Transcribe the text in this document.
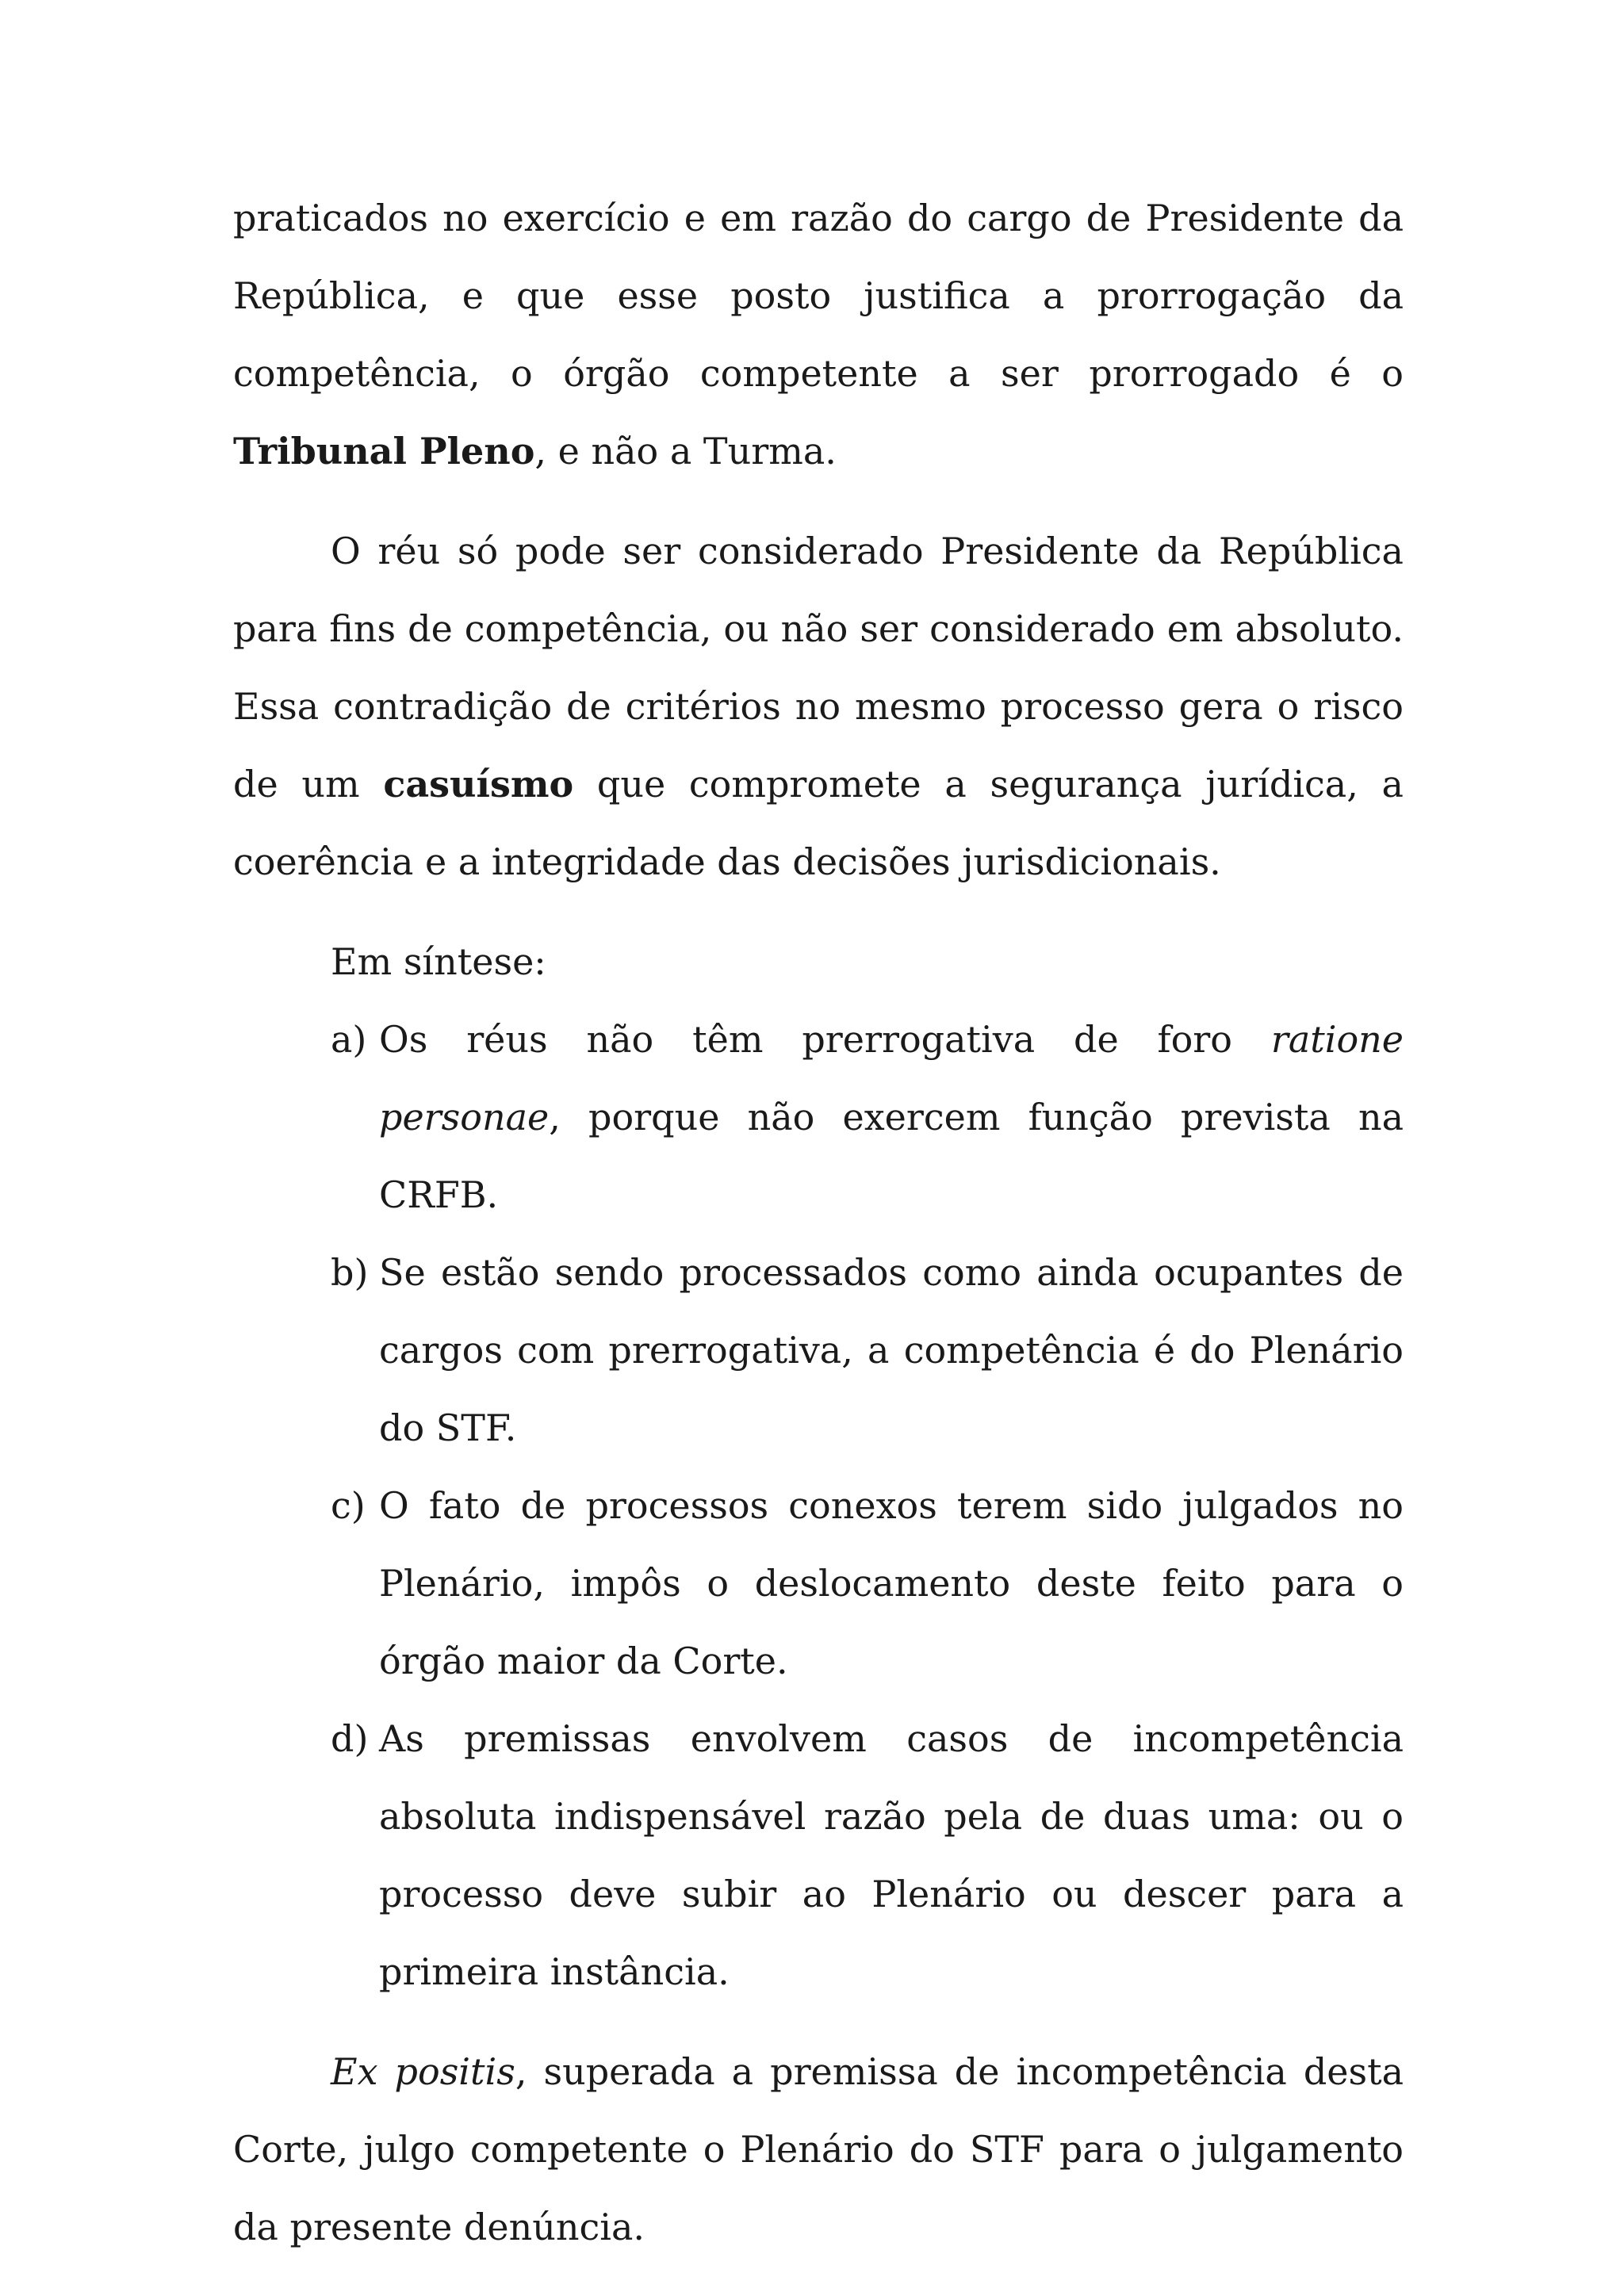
praticados no exercício e em razão do cargo de Presidente da República, e que esse posto justifica a prorrogação da competência, o órgão competente a ser prorrogado é o Tribunal Pleno, e não a Turma.

O réu só pode ser considerado Presidente da República para fins de competência, ou não ser considerado em absoluto. Essa contradição de critérios no mesmo processo gera o risco de um casuísmo que compromete a segurança jurídica, a coerência e a integridade das decisões jurisdicionais.

Em síntese:

a) Os réus não têm prerrogativa de foro ratione personae, porque não exercem função prevista na CRFB.
b) Se estão sendo processados como ainda ocupantes de cargos com prerrogativa, a competência é do Plenário do STF.
c) O fato de processos conexos terem sido julgados no Plenário, impôs o deslocamento deste feito para o órgão maior da Corte.
d) As premissas envolvem casos de incompetência absoluta indispensável razão pela de duas uma: ou o processo deve subir ao Plenário ou descer para a primeira instância.

Ex positis, superada a premissa de incompetência desta Corte, julgo competente o Plenário do STF para o julgamento da presente denúncia.
